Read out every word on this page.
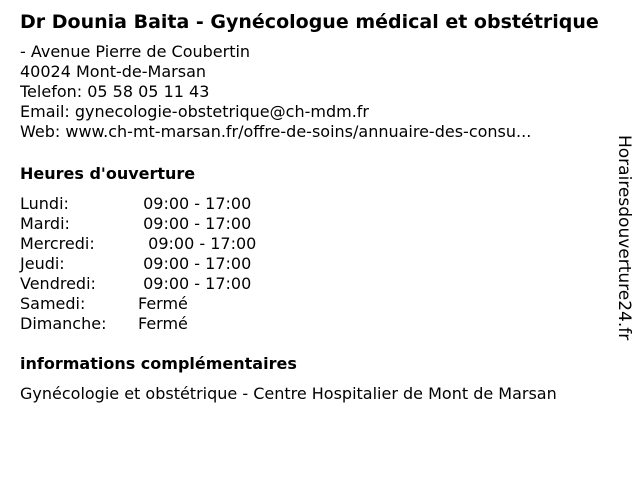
Dr Dounia Baita - Gynécologue médical et obstétrique
- Avenue Pierre de Coubertin
40024 Mont-de-Marsan
Telefon: 05 58 05 11 43
Email: gynecologie-obstetrique@ch-mdm.fr
Web: www.ch-mt-marsan.fr/offre-de-soins/annuaire-des-consu...
Heures d'ouverture
Lundi:	09:00 - 17:00
Mardi:	09:00 - 17:00
Mercredi:	09:00 - 17:00
Jeudi:	09:00 - 17:00
Vendredi:	09:00 - 17:00
Samedi:	Fermé
Dimanche:	Fermé
informations complémentaires
Gynécologie et obstétrique - Centre Hospitalier de Mont de Marsan
Horairesdouverture24.fr
